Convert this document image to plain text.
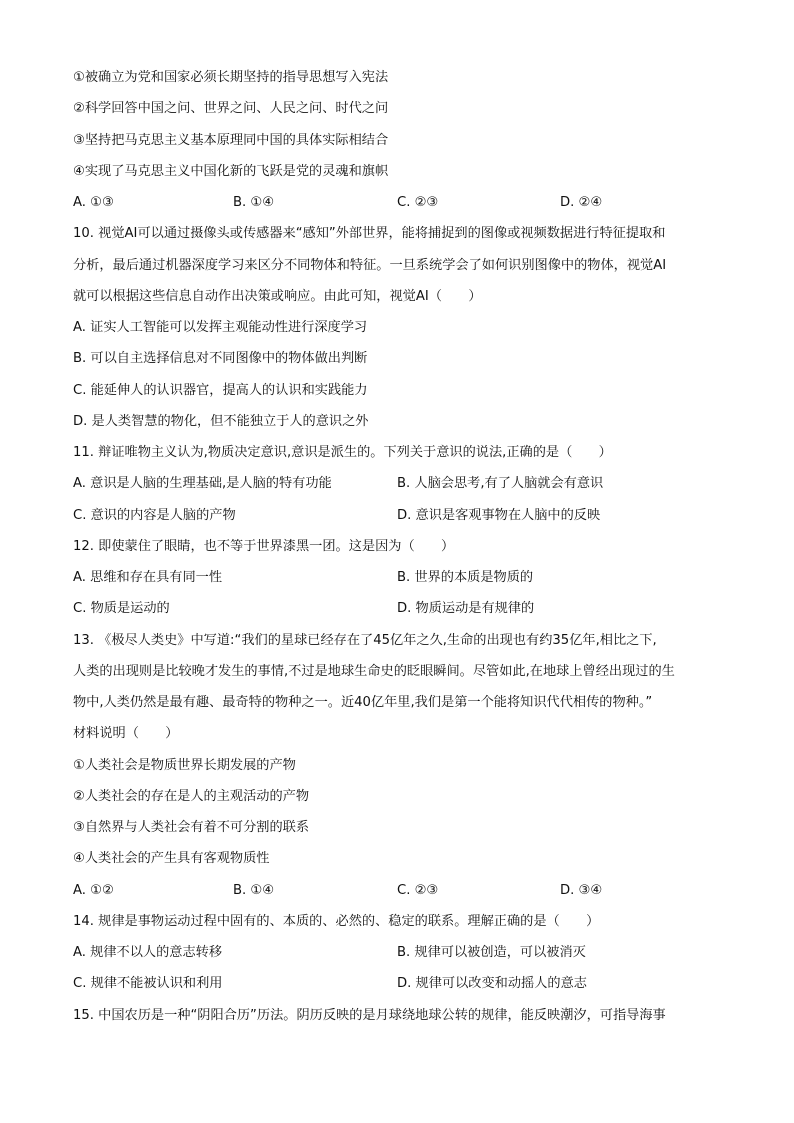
①被确立为党和国家必须长期坚持的指导思想写入宪法
②科学回答中国之问、世界之问、人民之问、时代之问
③坚持把马克思主义基本原理同中国的具体实际相结合
④实现了马克思主义中国化新的飞跃是党的灵魂和旗帜
A. ①③	B. ①④	C. ②③	D. ②④
10. 视觉AI可以通过摄像头或传感器来“感知”外部世界，能将捕捉到的图像或视频数据进行特征提取和
分析，最后通过机器深度学习来区分不同物体和特征。一旦系统学会了如何识别图像中的物体，视觉AI
就可以根据这些信息自动作出决策或响应。由此可知，视觉AI（　　）
A. 证实人工智能可以发挥主观能动性进行深度学习
B. 可以自主选择信息对不同图像中的物体做出判断
C. 能延伸人的认识器官，提高人的认识和实践能力
D. 是人类智慧的物化，但不能独立于人的意识之外
11. 辩证唯物主义认为,物质决定意识,意识是派生的。下列关于意识的说法,正确的是（　　）
A. 意识是人脑的生理基础,是人脑的特有功能	B. 人脑会思考,有了人脑就会有意识
C. 意识的内容是人脑的产物	D. 意识是客观事物在人脑中的反映
12. 即使蒙住了眼睛，也不等于世界漆黑一团。这是因为（　　）
A. 思维和存在具有同一性	B. 世界的本质是物质的
C. 物质是运动的	D. 物质运动是有规律的
13. 《极尽人类史》中写道:“我们的星球已经存在了45亿年之久,生命的出现也有约35亿年,相比之下,
人类的出现则是比较晚才发生的事情,不过是地球生命史的眨眼瞬间。尽管如此,在地球上曾经出现过的生
物中,人类仍然是最有趣、最奇特的物种之一。近40亿年里,我们是第一个能将知识代代相传的物种。”
材料说明（　　）
①人类社会是物质世界长期发展的产物
②人类社会的存在是人的主观活动的产物
③自然界与人类社会有着不可分割的联系
④人类社会的产生具有客观物质性
A. ①②	B. ①④	C. ②③	D. ③④
14. 规律是事物运动过程中固有的、本质的、必然的、稳定的联系。理解正确的是（　　）
A. 规律不以人的意志转移	B. 规律可以被创造，可以被消灭
C. 规律不能被认识和利用	D. 规律可以改变和动摇人的意志
15. 中国农历是一种“阴阳合历”历法。阴历反映的是月球绕地球公转的规律，能反映潮汐，可指导海事
